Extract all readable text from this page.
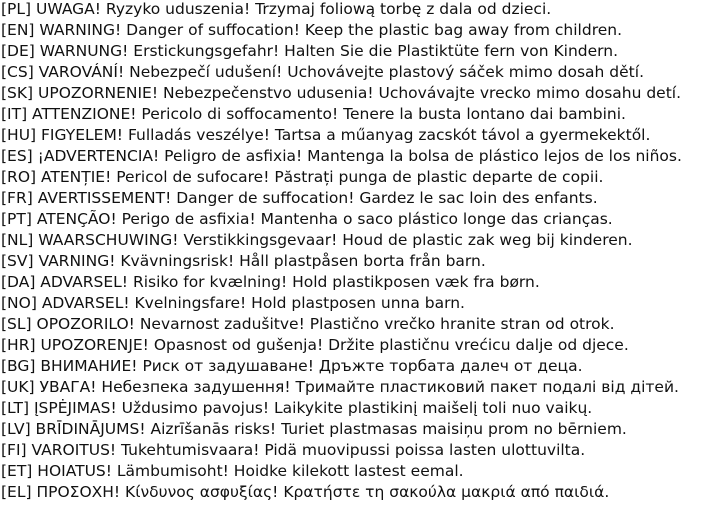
[PL] UWAGA! Ryzyko uduszenia! Trzymaj foliową torbę z dala od dzieci.
[EN] WARNING! Danger of suffocation! Keep the plastic bag away from children.
[DE] WARNUNG! Erstickungsgefahr! Halten Sie die Plastiktüte fern von Kindern.
[CS] VAROVÁNÍ! Nebezpečí udušení! Uchovávejte plastový sáček mimo dosah dětí.
[SK] UPOZORNENIE! Nebezpečenstvo udusenia! Uchovávajte vrecko mimo dosahu detí.
[IT] ATTENZIONE! Pericolo di soffocamento! Tenere la busta lontano dai bambini.
[HU] FIGYELEM! Fulladás veszélye! Tartsa a műanyag zacskót távol a gyermekektől.
[ES] ¡ADVERTENCIA! Peligro de asfixia! Mantenga la bolsa de plástico lejos de los niños.
[RO] ATENȚIE! Pericol de sufocare! Păstrați punga de plastic departe de copii.
[FR] AVERTISSEMENT! Danger de suffocation! Gardez le sac loin des enfants.
[PT] ATENÇÃO! Perigo de asfixia! Mantenha o saco plástico longe das crianças.
[NL] WAARSCHUWING! Verstikkingsgevaar! Houd de plastic zak weg bij kinderen.
[SV] VARNING! Kvävningsrisk! Håll plastpåsen borta från barn.
[DA] ADVARSEL! Risiko for kvælning! Hold plastikposen væk fra børn.
[NO] ADVARSEL! Kvelningsfare! Hold plastposen unna barn.
[SL] OPOZORILO! Nevarnost zadušitve! Plastično vrečko hranite stran od otrok.
[HR] UPOZORENJE! Opasnost od gušenja! Držite plastičnu vrećicu dalje od djece.
[BG] ВНИМАНИЕ! Риск от задушаване! Дръжте торбата далеч от деца.
[UK] УВАГА! Небезпека задушення! Тримайте пластиковий пакет подалі від дітей.
[LT] ĮSPĖJIMAS! Uždusimo pavojus! Laikykite plastikinį maišelį toli nuo vaikų.
[LV] BRĪDINĀJUMS! Aizrīšanās risks! Turiet plastmasas maisiņu prom no bērniem.
[FI] VAROITUS! Tukehtumisvaara! Pidä muovipussi poissa lasten ulottuvilta.
[ET] HOIATUS! Lämbumisoht! Hoidke kilekott lastest eemal.
[EL] ΠΡΟΣΟΧΗ! Κίνδυνος ασφυξίας! Κρατήστε τη σακούλα μακριά από παιδιά.
